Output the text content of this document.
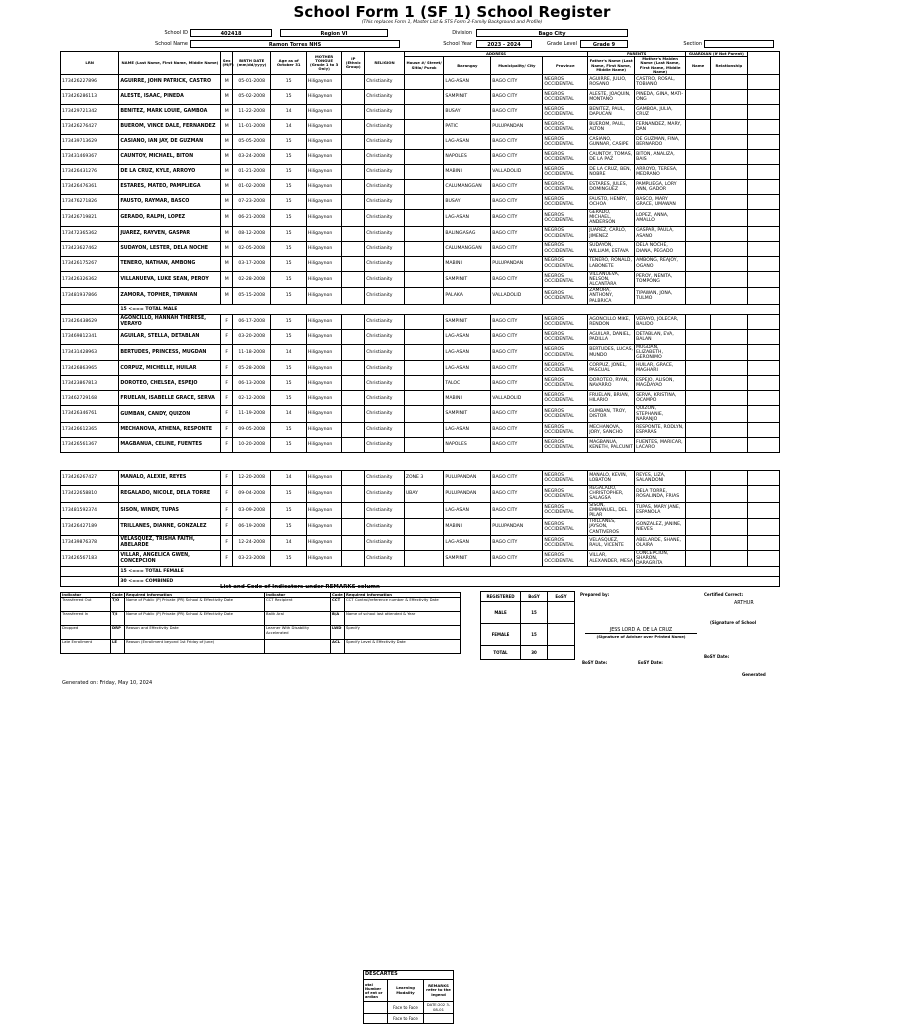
School Form 1 (SF 1) School Register
(This replaces Form 1, Master List & STS Form 2-Family Background and Profile)
School ID	402418	Region VI	Division	Bago City
School Name	Ramon Torres NHS	School Year	2023 - 2024	Grade Level	Grade 9	Section
LRN	NAME (Last Name, First Name, Middle Name)	Sex (M/F)	BIRTH DATE (mm/dd/yyyy)	Age as of October 31	MOTHER TONGUE (Grade 1 to 3 Only)	IP (Ethnic Group)	RELIGION	ADDRESS				PARENTS		GUARDIAN (If Not Parent)		
								House #/ Street/ Sitio/ Purok	Barangay	Municipality/ City	Province	Father's Name (Last Name, First Name, Middle Name)	Mother's Maiden Name (Last Name, First Name, Middle Name)	Name	Relationship	
173426227896	AGUIRRE, JOHN PATRICK, CASTRO	M	05-01-2008	15	Hiligaynon		Christianity		LAG-ASAN	BAGO CITY	NEGROS OCCIDENTAL	AGUIRRE, JULIO, ROSANO	CASTRO, ROSAL, TOBIANO			
173426286113	ALESTE, ISAAC, PINEDA	M	05-02-2008	15	Hiligaynon		Christianity		SAMPINIT	BAGO CITY	NEGROS OCCIDENTAL	ALESTE, JOAQUIN, MONTANO	PINEDA, GINA, MATI-ONG			
173429721342	BENITEZ, MARK LOUIE, GAMBOA	M	11-22-2008	14	Hiligaynon		Christianity		BUSAY	BAGO CITY	NEGROS OCCIDENTAL	BENITEZ, PAUL, DAPUCAN	GAMBOA, JULIA, CRUZ			
173426276427	BUEROM, VINCE DALE, FERNANDEZ	M	11-01-2008	14	Hiligaynon		Christianity		PATIC	PULUPANDAN	NEGROS OCCIDENTAL	BUEROM, PAUL, ALTON	FERNANDEZ, MARY, DAN			
173439713629	CASIANO, IAN JAY, DE GUZMAN	M	05-05-2008	15	Hiligaynon		Christianity		LAG-ASAN	BAGO CITY	NEGROS OCCIDENTAL	CASIANO, GUNNAR, CASIPE	DE GUZMAN, FINA, BERNARDO			
173431469367	CAUNTOY, MICHAEL, BITON	M	03-24-2008	15	Hiligaynon		Christianity		NAPOLES	BAGO CITY	NEGROS OCCIDENTAL	CAUNTOY, TOMAS, DE LA PAZ	BITON, ANALIZA, BAIS			
173426431276	DE LA CRUZ, KYLE, ARROYO	M	01-21-2008	15	Hiligaynon		Christianity		MABINI	VALLADOLID	NEGROS OCCIDENTAL	DE LA CRUZ, BEN, NOBRE	ARROYO, TERESA, MEDRANO			
173426476361	ESTARES, MATEO, PAMPLIEGA	M	01-02-2008	15	Hiligaynon		Christianity		CALUMANGGAN	BAGO CITY	NEGROS OCCIDENTAL	ESTARES, JULES, DOMINGUEZ	PAMPLIEGA, LORY ANN, GADOR			
173476271826	FAUSTO, RAYMAR, BASCO	M	07-23-2008	15	Hiligaynon		Christianity		BUSAY	BAGO CITY	NEGROS OCCIDENTAL	FAUSTO, HENRY, OCHOA	BASCO, MARY GRACE, UMAWAN			
173426719821	GERADO, RALPH, LOPEZ	M	06-21-2008	15	Hiligaynon		Christianity		LAG-ASAN	BAGO CITY	NEGROS OCCIDENTAL	GERADO, MICHAEL, ANDERSON	LOPEZ, ANNA, AMALLO			
173472365362	JUAREZ, RAYVEN, GASPAR	M	08-12-2008	15	Hiligaynon		Christianity		BALINGASAG	BAGO CITY	NEGROS OCCIDENTAL	JUAREZ, CARLO, JIMENEZ	GASPAR, PAULA, ASANO			
173423627462	SUDAYON, LESTER, DELA NOCHE	M	02-05-2008	15	Hiligaynon		Christianity		CALUMANGGAN	BAGO CITY	NEGROS OCCIDENTAL	SUDAYON, WILLIAM, ESTAVA	DELA NOCHE, DIANA, PEGADO			
173426175267	TENERO, NATHAN, AMBONG	M	03-17-2008	15	Hiligaynon		Christianity		MABINI	PULUPANDAN	NEGROS OCCIDENTAL	TENERO, RONALD, LABONETE	AMBONG, REAJOY, OGANO			
173426326362	VILLANUEVA, LUKE SEAN, PEROY	M	02-28-2008	15	Hiligaynon		Christianity		SAMPINIT	BAGO CITY	NEGROS OCCIDENTAL	VILLANUEVA, NELSON, ALCANTARA	PEROY, NENITA, TOMPONG			
173481937866	ZAMORA, TOPHER, TIPAWAN	M	05-15-2008	15	Hiligaynon		Christianity		PALAKA	VALLADOLID	NEGROS OCCIDENTAL	ZAMORA, ANTHONY, PALBRICA	TIPAWAN, JONA, TULMO			
	15 <=== TOTAL MALE															
173426438629	AGONCILLO, HANNAH THERESE, VERAYO	F	06-17-2008	15	Hiligaynon		Christianity		SAMPINIT	BAGO CITY	NEGROS OCCIDENTAL	AGONCILLO MIKE, RENDON	VERAYO, JOLECAR, BALIDO			
173469812341	AGUILAR, STELLA, DETABLAN	F	03-20-2008	15	Hiligaynon		Christianity		LAG-ASAN	BAGO CITY	NEGROS OCCIDENTAL	AGUILAR, DANIEL, PADILLA	DETABLAN, EVA, BALAN			
173431428963	BERTUDES, PRINCESS, MUGDAN	F	11-18-2008	14	Hiligaynon		Christianity		LAG-ASAN	BAGO CITY	NEGROS OCCIDENTAL	BERTUDES, LUCAS, MUNDO	MUGDAN, ELIZABETH, GERONIMO			
173426863965	CORPUZ, MICHELLE, HUILAR	F	05-28-2008	15	Hiligaynon		Christianity		LAG-ASAN	BAGO CITY	NEGROS OCCIDENTAL	CORPUZ, JONEL, PASCUAL	HUILAR, GRACE, MAGHARI			
173423867813	DOROTEO, CHELSEA, ESPEJO	F	06-13-2008	15	Hiligaynon		Christianity		TALOC	BAGO CITY	NEGROS OCCIDENTAL	DOROTEO, RYAN, NAVARRO	ESPEJO, ALISON, MAGDAYAO			
173462729168	FRUELAN, ISABELLE GRACE, SERVA	F	02-12-2008	15	Hiligaynon		Christianity		MABINI	VALLADOLID	NEGROS OCCIDENTAL	FRUELAN, BRIAN, HILARIO	SERVA, KRISTINA, OCAMPO			
173426346761	GUMBAN, CANDY, QUIZON	F	11-19-2008	14	Hiligaynon		Christianity		SAMPINIT	BAGO CITY	NEGROS OCCIDENTAL	GUMBAN, TROY, DISTOR	QUIZON, STEPHANIE, NARANJO			
173426612365	MECHANOVA, ATHENA, RESPONTE	F	09-05-2008	15	Hiligaynon		Christianity		LAG-ASAN	BAGO CITY	NEGROS OCCIDENTAL	MECHANOVA, JORY, SANCHO	RESPONTE, RODLYN, ESPARAS			
173426561367	MAGBANUA, CELINE, FUENTES	F	10-20-2008	15	Hiligaynon		Christianity		NAPOLES	BAGO CITY	NEGROS OCCIDENTAL	MAGBANUA, KENETH, PALCUNIT	FUENTES, MARICAR, LACARO			
173426267427	MANALO, ALEXIE, REYES	F	12-20-2008	14	Hiligaynon		Christianity	ZONE 3	PULUPANDAN	BAGO CITY	NEGROS OCCIDENTAL	MANALO, KEVIN, LOBATON	REYES, LIZA, SALANDONI			
173422658810	REGALADO, NICOLE, DELA TORRE	F	09-04-2008	15	Hiligaynon		Christianity	UBAY	PULUPANDAN	BAGO CITY	NEGROS OCCIDENTAL	REGALADO, CHRISTOPHER, SALAGSA	DELA TORRE, ROSALINDA, FRIAS			
173481592374	SISON, WINDY, TUPAS	F	03-09-2008	15	Hiligaynon		Christianity		LAG-ASAN	BAGO CITY	NEGROS OCCIDENTAL	SISON, EMMANUEL, DEL PILAR	TUPAS, MARY JANE, ESPANOLA			
173426427189	TRILLANES, DIANNE, GONZALEZ	F	06-19-2008	15	Hiligaynon		Christianity		MABINI	PULUPANDAN	NEGROS OCCIDENTAL	TRILLANES, JAYSON, CANTIVEROS	GONZALEZ, JANINE, NIEVES			
173439876378	VELASQUEZ, TRISHA FAITH, ABELARDE	F	12-24-2008	14	Hiligaynon		Christianity		LAG-ASAN	BAGO CITY	NEGROS OCCIDENTAL	VELASQUEZ, RAUL, VICENTE	ABELARDE, SHANE, OLAIRA			
173426567183	VILLAR, ANGELICA GWEN, CONCEPCION	F	03-23-2008	15	Hiligaynon		Christianity		SAMPINIT	BAGO CITY	NEGROS OCCIDENTAL	VILLAR, ALEXANDER, MESA	CONCEPCION, SHARON, DARAGRITA			
	15 <=== TOTAL FEMALE															
	30 <=== COMBINED															
List and Code of Indicators under REMARKS column
Indicator	Code	Required Information	Indicator	Code	Required Information
Transferred Out	T/O	Name of Public (P) Private (PR) School & Effectivity Date	CCT Recipient	CCT	CCT Control/reference number & Effectivity Date
Transferred In	T/I	Name of Public (P) Private (PR) School & Effectivity Date	Balik Aral	B/A	Name of school last attended & Year
Dropped	DRP	Reason and Effectivity Date	Learner With Disability Accelerated	LWD	Specify
Late Enrollment	LE	Reason (Enrollment beyond 1st Friday of June)		ACL	Specify Level & Effectivity Date
REGISTERED	BoSY	EoSY
MALE	15	
FEMALE	15	
TOTAL	30	
Prepared by:
JESS LORD A. DE LA CRUZ
(Signature of Adviser over Printed Name)
BoSY Date:	EoSY Date:
Certified Correct:
ARTHUR
(Signature of School
BoSY Date:
Generated
Generated on: Friday, May 10, 2024
DESCARTES		
otal Number of ent or ardian	Learning Modality	REMARKS refer to the legend
	Face to Face	DATE:202 3-08-01
	Face to Face	
